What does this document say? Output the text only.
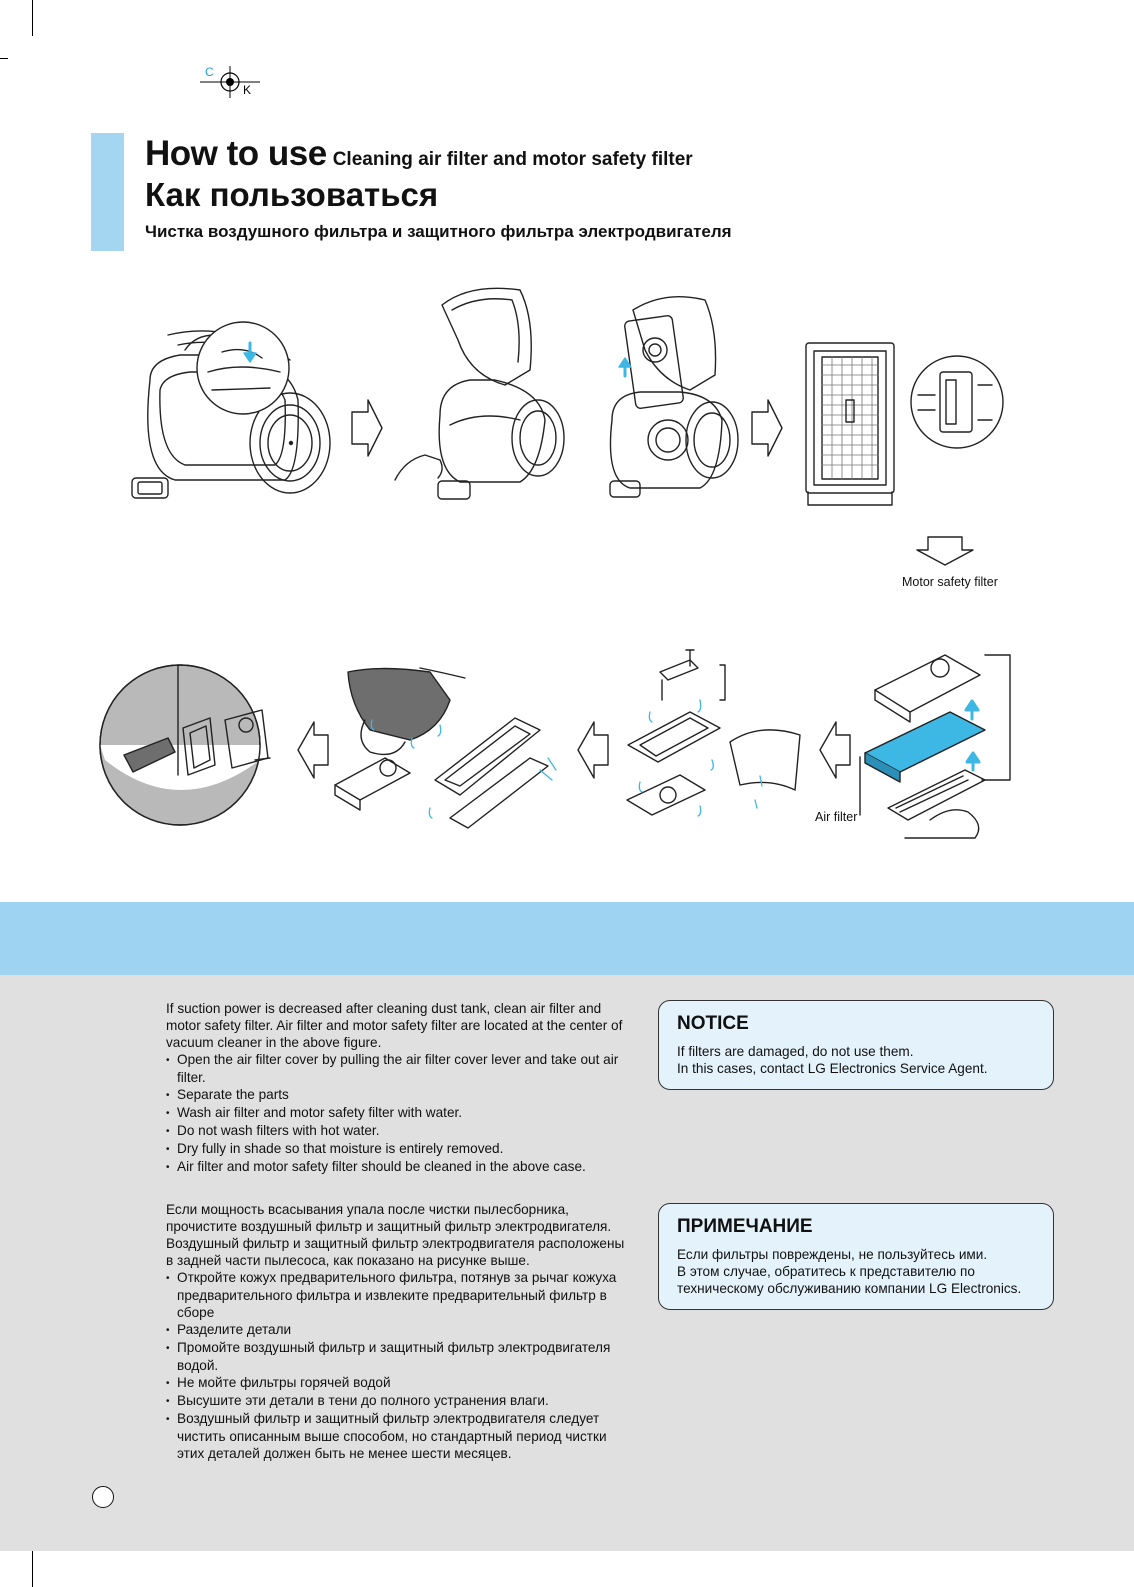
C
K
How to use Cleaning air filter and motor safety filter
Как пользоваться
Чистка воздушного фильтра и защитного фильтра электродвигателя
Motor safety filter
Air filter

If suction power is decreased after cleaning dust tank, clean air filter and motor safety filter. Air filter and motor safety filter are located at the center of vacuum cleaner in the above figure.

• Open the air filter cover by pulling the air filter cover lever and take out air filter.
• Separate the parts
• Wash air filter and motor safety filter with water.
• Do not wash filters with hot water.
• Dry fully in shade so that moisture is entirely removed.
• Air filter and motor safety filter should be cleaned in the above case.

Если мощность всасывания упала после чистки пылесборника, прочистите воздушный фильтр и защитный фильтр электродвигателя. Воздушный фильтр и защитный фильтр электродвигателя расположены в задней части пылесоса, как показано на рисунке выше.

• Откройте кожух предварительного фильтра, потянув за рычаг кожуха предварительного фильтра и извлеките предварительный фильтр в сборе
• Разделите детали
• Промойте воздушный фильтр и защитный фильтр электродвигателя водой.
• Не мойте фильтры горячей водой
• Высушите эти детали в тени до полного устранения влаги.
• Воздушный фильтр и защитный фильтр электродвигателя следует чистить описанным выше способом, но стандартный период чистки этих деталей должен быть не менее шести месяцев.
NOTICE

If filters are damaged, do not use them.

In this cases, contact LG Electronics Service Agent.

ПРИМЕЧАНИЕ

Если фильтры повреждены, не пользуйтесь ими.

В этом случае, обратитесь к представителю по

техническому обслуживанию компании LG Electronics.
